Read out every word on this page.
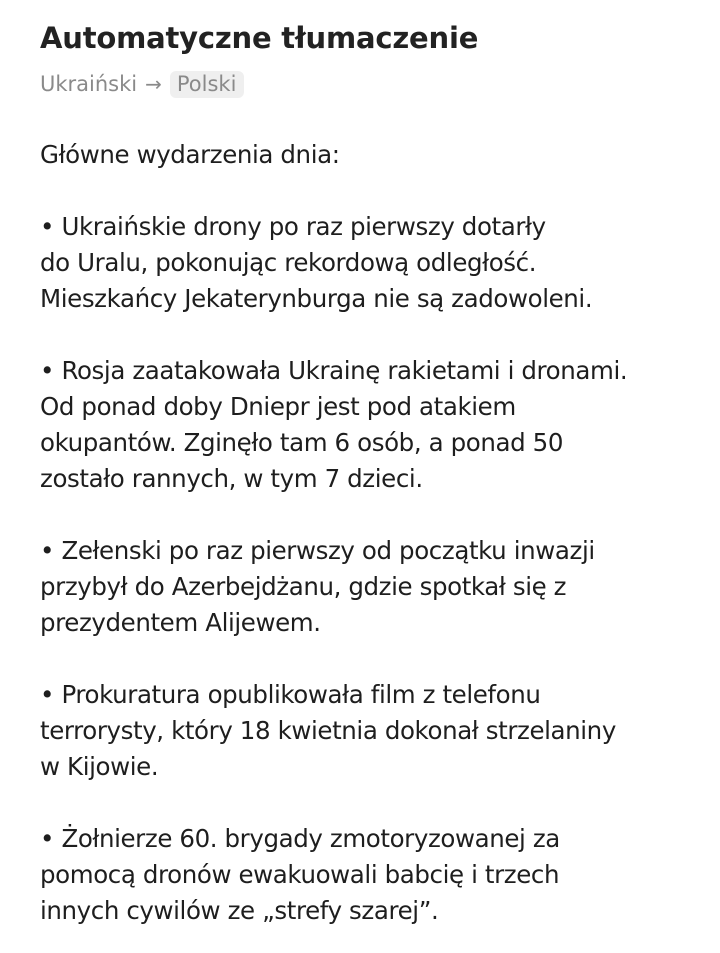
Automatyczne tłumaczenie
Ukraiński → Polski

Główne wydarzenia dnia:

• Ukraińskie drony po raz pierwszy dotarły
do Uralu, pokonując rekordową odległość.
Mieszkańcy Jekaterynburga nie są zadowoleni.

• Rosja zaatakowała Ukrainę rakietami i dronami.
Od ponad doby Dniepr jest pod atakiem
okupantów. Zginęło tam 6 osób, a ponad 50
zostało rannych, w tym 7 dzieci.

• Zełenski po raz pierwszy od początku inwazji
przybył do Azerbejdżanu, gdzie spotkał się z
prezydentem Alijewem.

• Prokuratura opublikowała film z telefonu
terrorysty, który 18 kwietnia dokonał strzelaniny
w Kijowie.

• Żołnierze 60. brygady zmotoryzowanej za
pomocą dronów ewakuowali babcię i trzech
innych cywilów ze „strefy szarej”.
